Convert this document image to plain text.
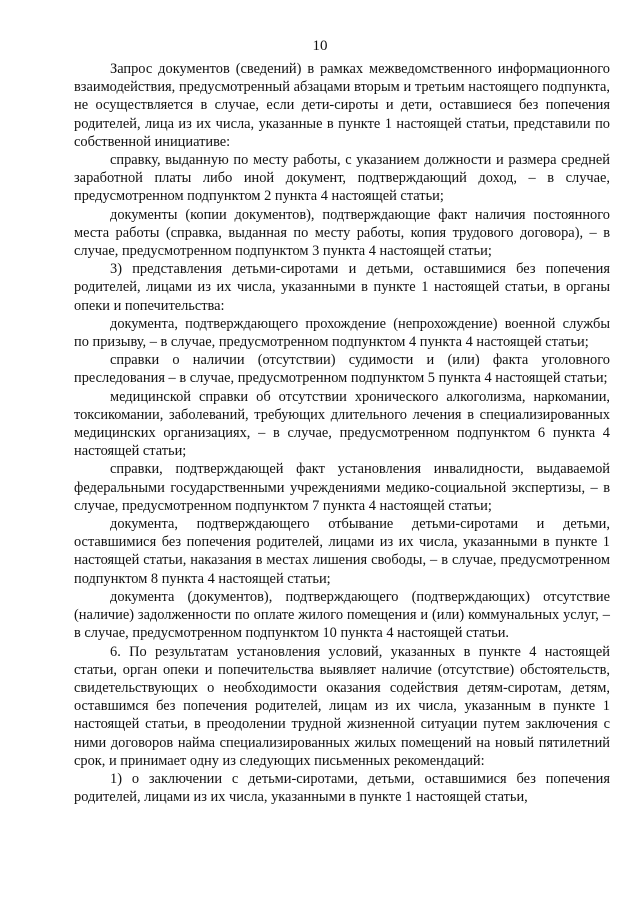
10

Запрос документов (сведений) в рамках межведомственного информационного взаимодействия, предусмотренный абзацами вторым и третьим настоящего подпункта, не осуществляется в случае, если дети-сироты и дети, оставшиеся без попечения родителей, лица из их числа, указанные в пункте 1 настоящей статьи, представили по собственной инициативе:

справку, выданную по месту работы, с указанием должности и размера средней заработной платы либо иной документ, подтверждающий доход, – в случае, предусмотренном подпунктом 2 пункта 4 настоящей статьи;

документы (копии документов), подтверждающие факт наличия постоянного места работы (справка, выданная по месту работы, копия трудового договора), – в случае, предусмотренном подпунктом 3 пункта 4 настоящей статьи;

3) представления детьми-сиротами и детьми, оставшимися без попечения родителей, лицами из их числа, указанными в пункте 1 настоящей статьи, в органы опеки и попечительства:

документа, подтверждающего прохождение (непрохождение) военной службы по призыву, – в случае, предусмотренном подпунктом 4 пункта 4 настоящей статьи;

справки о наличии (отсутствии) судимости и (или) факта уголовного преследования – в случае, предусмотренном подпунктом 5 пункта 4 настоящей статьи;

медицинской справки об отсутствии хронического алкоголизма, наркомании, токсикомании, заболеваний, требующих длительного лечения в специализированных медицинских организациях, – в случае, предусмотренном подпунктом 6 пункта 4 настоящей статьи;

справки, подтверждающей факт установления инвалидности, выдаваемой федеральными государственными учреждениями медико-социальной экспертизы, – в случае, предусмотренном подпунктом 7 пункта 4 настоящей статьи;

документа, подтверждающего отбывание детьми-сиротами и детьми, оставшимися без попечения родителей, лицами из их числа, указанными в пункте 1 настоящей статьи, наказания в местах лишения свободы, – в случае, предусмотренном подпунктом 8 пункта 4 настоящей статьи;

документа (документов), подтверждающего (подтверждающих) отсутствие (наличие) задолженности по оплате жилого помещения и (или) коммунальных услуг, – в случае, предусмотренном подпунктом 10 пункта 4 настоящей статьи.

6. По результатам установления условий, указанных в пункте 4 настоящей статьи, орган опеки и попечительства выявляет наличие (отсутствие) обстоятельств, свидетельствующих о необходимости оказания содействия детям-сиротам, детям, оставшимся без попечения родителей, лицам из их числа, указанным в пункте 1 настоящей статьи, в преодолении трудной жизненной ситуации путем заключения с ними договоров найма специализированных жилых помещений на новый пятилетний срок, и принимает одну из следующих письменных рекомендаций:

1) о заключении с детьми-сиротами, детьми, оставшимися без попечения родителей, лицами из их числа, указанными в пункте 1 настоящей статьи,
